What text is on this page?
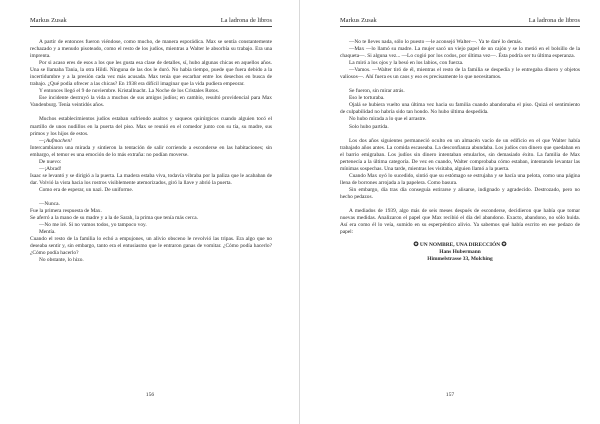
Markus Zusak	La ladrona de libros

A partir de entonces fueron viéndose, como mucho, de manera esporádica. Max se sentía constantemente rechazado y a menudo pisoteado, como el resto de los judíos, mientras a Walter le absorbía su trabajo. Era una imprenta.

Por si acaso eres de esos a los que les gusta esa clase de detalles, sí, hubo algunas chicas en aquellos años. Una se llamaba Tania, la otra Hildi. Ninguna de las dos le duró. No había tiempo, puede que fuera debido a la incertidumbre y a la presión cada vez más acusada. Max tenía que escarbar entre los desechos en busca de trabajo. ¿Qué podía ofrecer a las chicas? En 1938 era difícil imaginar que la vida pudiera empeorar.

Y entonces llegó el 9 de noviembre. Kristallnacht. La Noche de los Cristales Rotos.

Ese incidente destruyó la vida a muchos de sus amigos judíos; en cambio, resultó providencial para Max Vandenburg. Tenía veintidós años.

Muchos establecimientos judíos estaban sufriendo asaltos y saqueos quirúrgicos cuando alguien tocó el martillo de unos nudillos en la puerta del piso. Max se reunió en el comedor junto con su tía, su madre, sus primos y los hijos de estos.

—¡Aufmachen!

Intercambiaron una mirada y sintieron la tentación de salir corriendo a esconderse en las habitaciones; sin embargo, el temor es una emoción de lo más extraña: no podían moverse.

De nuevo:

—¡Abrad!

Isaac se levantó y se dirigió a la puerta. La madera estaba viva, todavía vibraba por la paliza que le acababan de dar. Volvió la vista hacia los rostros visiblemente atemorizados, giró la llave y abrió la puerta.

Como era de esperar, un nazi. De uniforme.

—Nunca.

Fue la primera respuesta de Max.

Se aferró a la mano de su madre y a la de Sarah, la prima que tenía más cerca.

—No me iré. Si no vamos todos, yo tampoco voy.

Mentía.

Cuando el resto de la familia lo echó a empujones, un alivio obsceno le revolvió las tripas. Era algo que no deseaba sentir y, sin embargo, tanto era el entusiasmo que le entraron ganas de vomitar. ¿Cómo podía hacerlo? ¿Cómo podía hacerlo?

No obstante, lo hizo.

156
Markus Zusak	La ladrona de libros

—No te lleves nada, sólo lo puesto —le aconsejó Walter—. Ya te daré lo demás.

—Max —lo llamó su madre. La mujer sacó un viejo papel de un cajón y se lo metió en el bolsillo de la chaqueta—. Si alguna vez... —Lo cogió por los codos, por última vez—. Ésta podría ser tu última esperanza.

La miró a los ojos y la besó en los labios, con fuerza.

—Vamos. —Walter tiró de él, mientras el resto de la familia se despedía y le entregaba dinero y objetos valiosos—. Ahí fuera es un caos y eso es precisamente lo que necesitamos.

Se fueron, sin mirar atrás.

Eso le torturaba.

Ojalá se hubiera vuelto una última vez hacia su familia cuando abandonaba el piso. Quizá el sentimiento de culpabilidad no habría sido tan hondo. No hubo última despedida.

No hubo mirada a lo que el arrastre.

Solo hubo partida.

Los dos años siguientes permaneció oculto en un almacén vacío de un edificio en el que Walter había trabajado años antes. La comida escaseaba. La desconfianza abundaba. Los judíos con dinero que quedaban en el barrio emigraban. Los judíos sin dinero intentaban emularlos, sin demasiado éxito. La familia de Max pertenecía a la última categoría. De vez en cuando, Walter comprobaba cómo estaban, intentando levantar las mínimas sospechas. Una tarde, mientras les visitaba, alguien llamó a la puerta.

Cuando Max oyó lo sucedido, sintió que su estómago se estrujaba y se hacía una pelota, como una página llena de borrones arrojada a la papelera. Como basura.

Sin embargo, día tras día conseguía estirarse y alisarse, indignado y agradecido. Destrozado, pero no hecho pedazos.

A mediados de 1939, algo más de seis meses después de esconderse, decidieron que había que tomar nuevas medidas. Analizaron el papel que Max recibió el día del abandono. Exacto, abandono, no sólo huida. Así era como él lo veía, sumido en su esperpéntico alivio. Ya sabemos qué había escrito en ese pedazo de papel:

✪ UN NOMBRE, UNA DIRECCIÓN ✪

Hans Hubermann

Himmelstrasse 33, Molching

157
